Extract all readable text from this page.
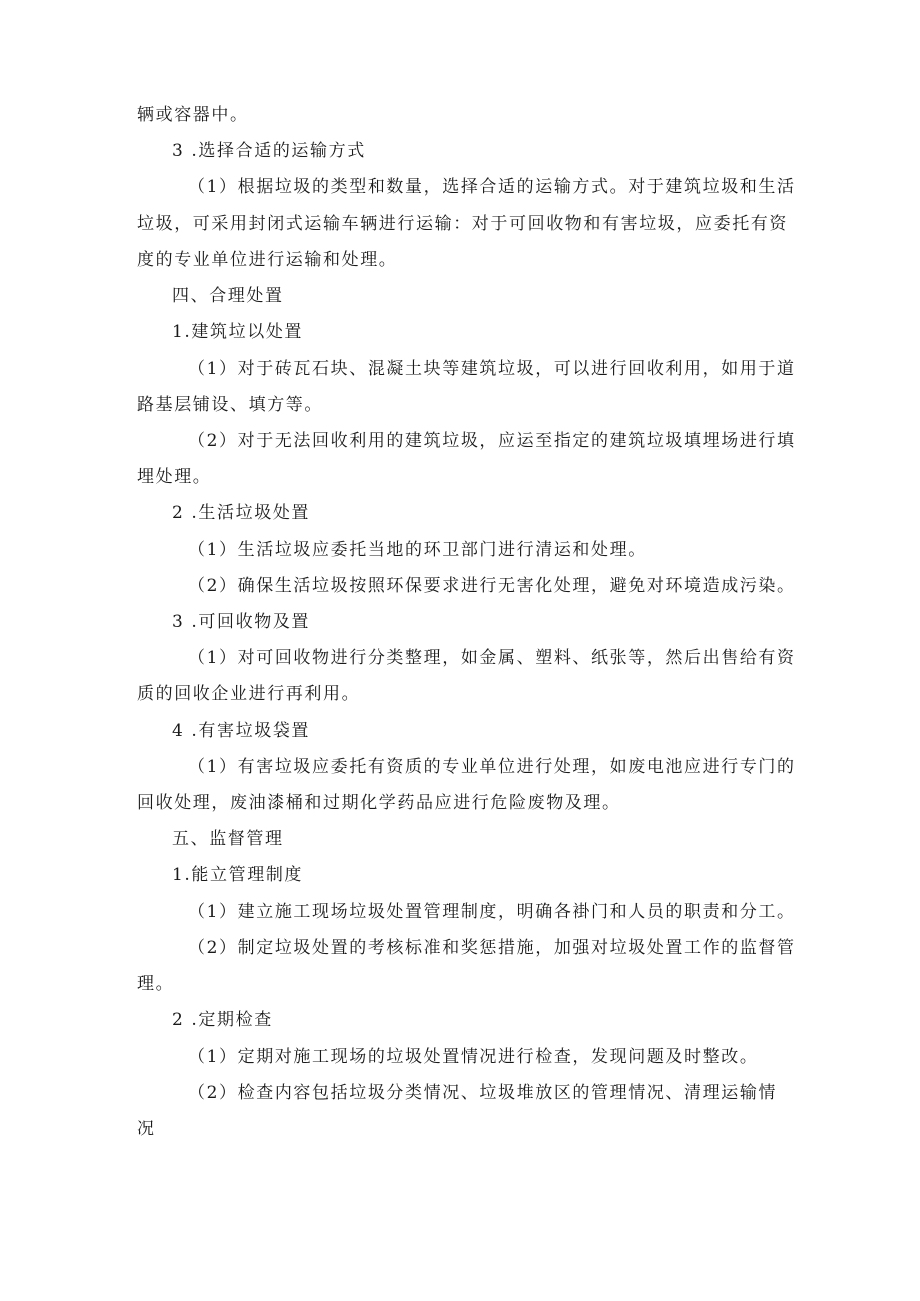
辆或容器中。
3 .选择合适的运输方式
（1）根据垃圾的类型和数量，选择合适的运输方式。对于建筑垃圾和生活
垃圾，可采用封闭式运输车辆进行运输：对于可回收物和有害垃圾，应委托有资
度的专业单位进行运输和处理。
四、合理处置
1.建筑垃以处置
（1）对于砖瓦石块、混凝土块等建筑垃圾，可以进行回收利用，如用于道
路基层铺设、填方等。
（2）对于无法回收利用的建筑垃圾，应运至指定的建筑垃圾填埋场进行填
埋处理。
2 .生活垃圾处置
（1）生活垃圾应委托当地的环卫部门进行清运和处理。
（2）确保生活垃圾按照环保要求进行无害化处理，避免对环境造成污染。
3 .可回收物及置
（1）对可回收物进行分类整理，如金属、塑料、纸张等，然后出售给有资
质的回收企业进行再利用。
4 .有害垃圾袋置
（1）有害垃圾应委托有资质的专业单位进行处理，如废电池应进行专门的
回收处理，废油漆桶和过期化学药品应进行危险废物及理。
五、监督管理
1.能立管理制度
（1）建立施工现场垃圾处置管理制度，明确各褂门和人员的职责和分工。
（2）制定垃圾处置的考核标准和奖惩措施，加强对垃圾处置工作的监督管
理。
2 .定期检查
（1）定期对施工现场的垃圾处置情况进行检查，发现问题及时整改。
（2）检查内容包括垃圾分类情况、垃圾堆放区的管理情况、清理运输情
况
